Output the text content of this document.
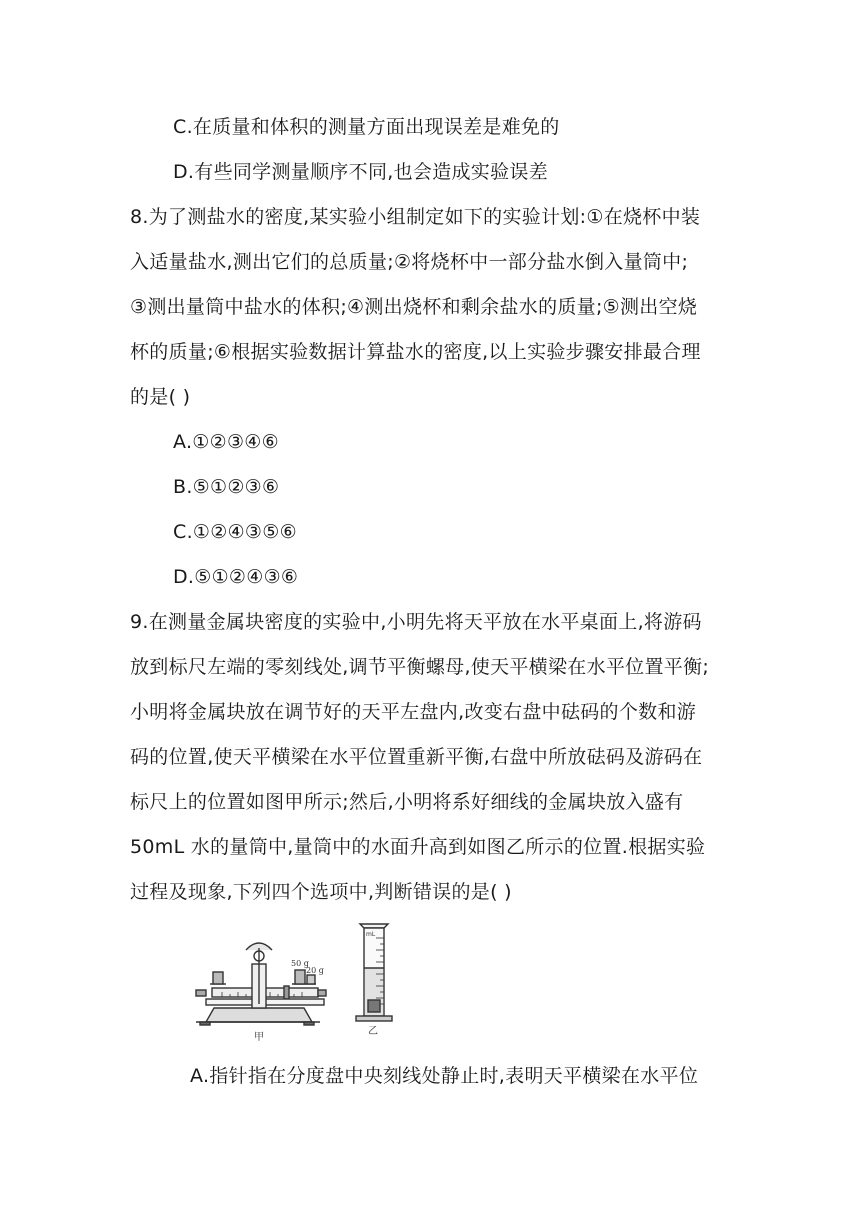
C.在质量和体积的测量方面出现误差是难免的
D.有些同学测量顺序不同,也会造成实验误差
8.为了测盐水的密度,某实验小组制定如下的实验计划:①在烧杯中装
入适量盐水,测出它们的总质量;②将烧杯中一部分盐水倒入量筒中;
③测出量筒中盐水的体积;④测出烧杯和剩余盐水的质量;⑤测出空烧
杯的质量;⑥根据实验数据计算盐水的密度,以上实验步骤安排最合理
的是( )
A.①②③④⑥
B.⑤①②③⑥
C.①②④③⑤⑥
D.⑤①②④③⑥
9.在测量金属块密度的实验中,小明先将天平放在水平桌面上,将游码
放到标尺左端的零刻线处,调节平衡螺母,使天平横梁在水平位置平衡;
小明将金属块放在调节好的天平左盘内,改变右盘中砝码的个数和游
码的位置,使天平横梁在水平位置重新平衡,右盘中所放砝码及游码在
标尺上的位置如图甲所示;然后,小明将系好细线的金属块放入盛有
50mL 水的量筒中,量筒中的水面升高到如图乙所示的位置.根据实验
过程及现象,下列四个选项中,判断错误的是( )
50 g
20 g
甲
mL
乙
A.指针指在分度盘中央刻线处静止时,表明天平横梁在水平位
